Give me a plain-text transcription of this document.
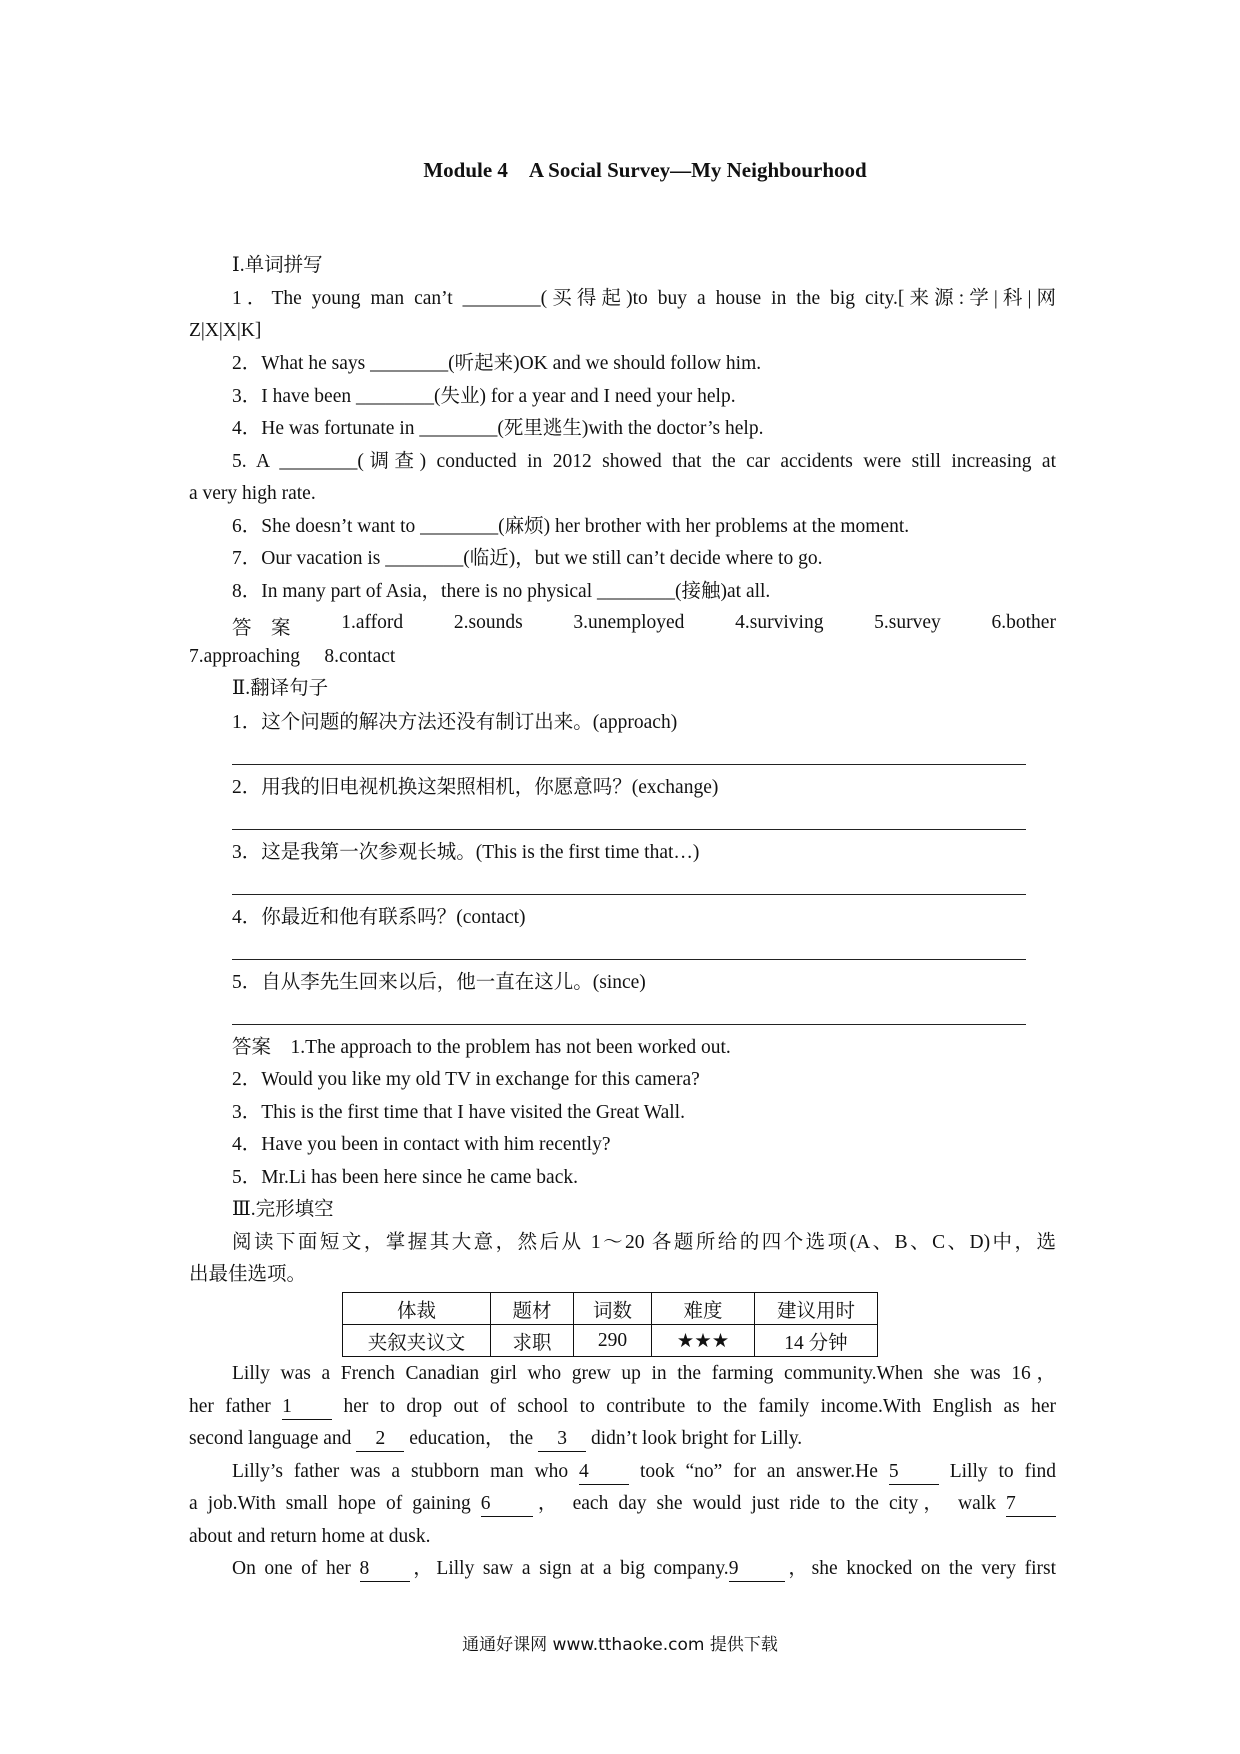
Module 4　A Social Survey—My Neighbourhood
Ⅰ.单词拼写
1．The young man can’t ________(买得起)to buy a house in the big city.[来源:学|科|网
Z|X|X|K]
2．What he says ________(听起来)OK and we should follow him.
3．I have been ________(失业) for a year and I need your help.
4．He was fortunate in ________(死里逃生)with the doctor’s help.
5. A ________(调查) conducted in 2012 showed that the car accidents were still increasing at
a very high rate.
6．She doesn’t want to ________(麻烦) her brother with her problems at the moment.
7．Our vacation is ________(临近)，but we still can’t decide where to go.
8．In many part of Asia，there is no physical ________(接触)at all.
答　案	1.afford	2.sounds	3.unemployed	4.surviving	5.survey	6.bother
7.approaching　 8.contact
Ⅱ.翻译句子
1．这个问题的解决方法还没有制订出来。(approach)
2．用我的旧电视机换这架照相机，你愿意吗？(exchange)
3．这是我第一次参观长城。(This is the first time that…)
4．你最近和他有联系吗？(contact)
5．自从李先生回来以后，他一直在这儿。(since)
答案　 1.The approach to the problem has not been worked out.
2．Would you like my old TV in exchange for this camera?
3．This is the first time that I have visited the Great Wall.
4．Have you been in contact with him recently?
5．Mr.Li has been here since he came back.
Ⅲ.完形填空
阅读下面短文，掌握其大意，然后从 1～20 各题所给的四个选项(A、B、C、D)中，选
出最佳选项。
体裁	题材	词数	难度	建议用时
夹叙夹议文	求职	290	★★★	14 分钟
Lilly was a French Canadian girl who grew up in the farming community.When she was 16，
her father 1 her to drop out of school to contribute to the family income.With English as her
second language and 2 education， the 3 didn’t look bright for Lilly.
Lilly’s father was a stubborn man who 4 took “no” for an answer.He 5 Lilly to find
a job.With small hope of gaining 6 ， each day she would just ride to the city， walk 7
about and return home at dusk.
On one of her 8 ，Lilly saw a sign at a big company.9 ，she knocked on the very first
通通好课网 www.tthaoke.com 提供下载
